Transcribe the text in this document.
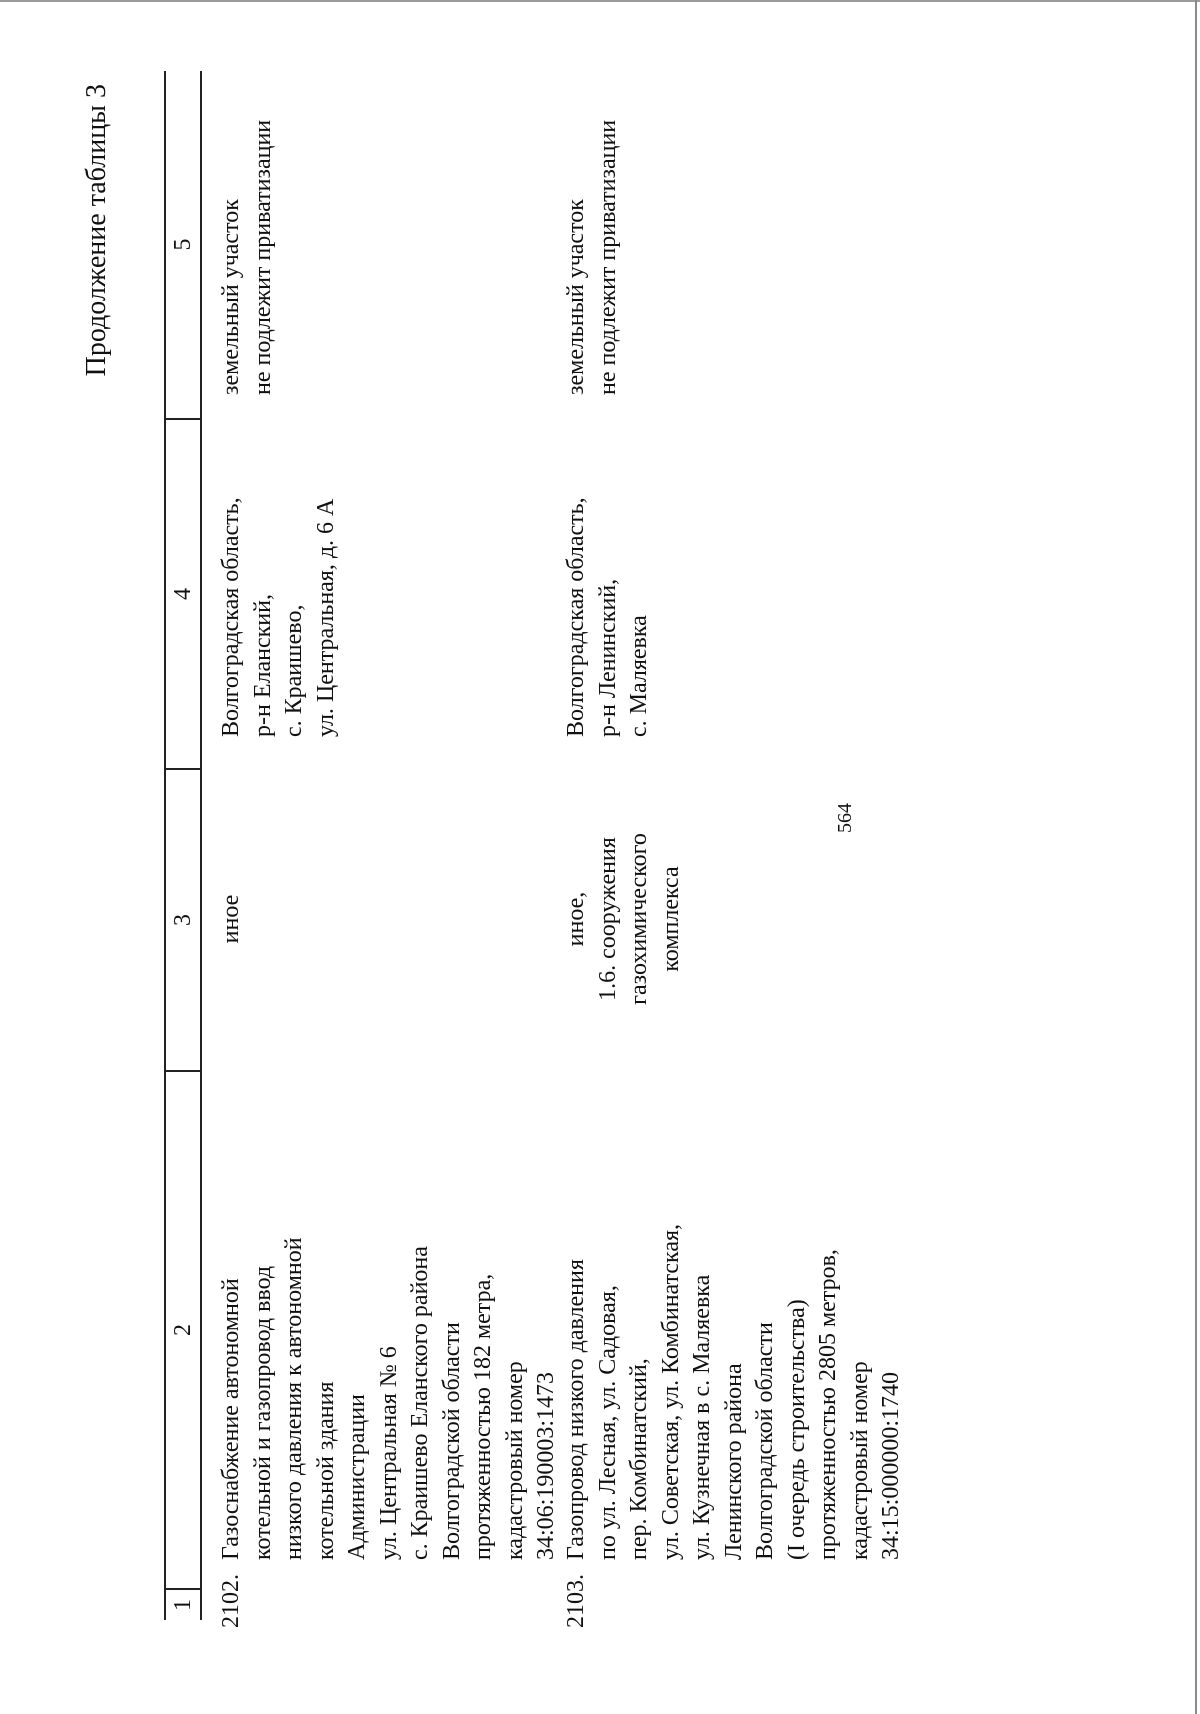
564
Продолжение таблицы 3
1
2
3
4
5
2102.
Газоснабжение автономной
котельной и газопровод ввод
низкого давления к автономной
котельной здания
Администрации
ул. Центральная № 6
с. Краишево Еланского района
Волгоградской области
протяженностью 182 метра,
кадастровый номер
34:06:190003:1473
иное
Волгоградская область,
р-н Еланский,
с. Краишево,
ул. Центральная, д. 6 А
земельный участок
не подлежит приватизации
2103.
Газопровод низкого давления
по ул. Лесная, ул. Садовая,
пер. Комбинатский,
ул. Советская, ул. Комбинатская,
ул. Кузнечная в с. Маляевка
Ленинского района
Волгоградской области
(I очередь строительства)
протяженностью 2805 метров,
кадастровый номер
34:15:000000:1740
иное,
1.6. сооружения
газохимического
комплекса
Волгоградская область,
р-н Ленинский,
с. Маляевка
земельный участок
не подлежит приватизации
